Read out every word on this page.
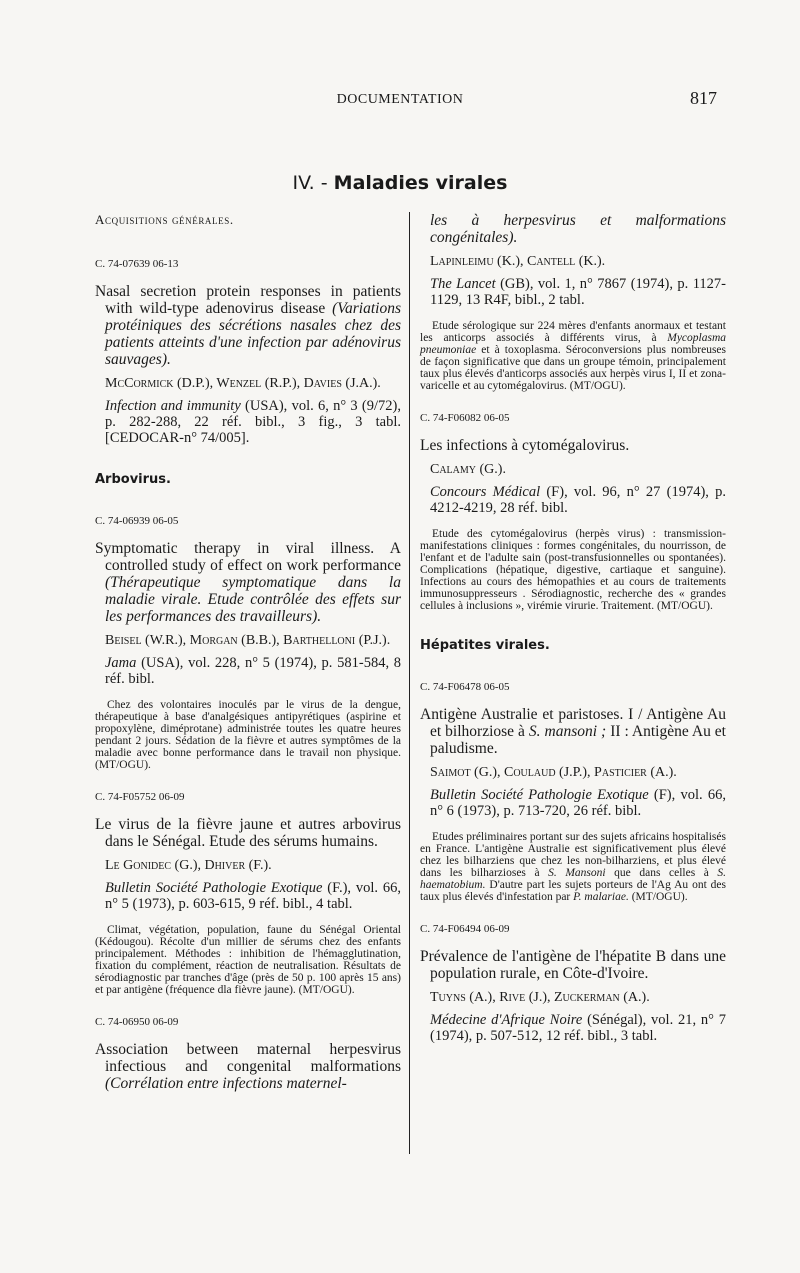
DOCUMENTATION	817
IV. - Maladies virales

Acquisitions générales.

C. 74-07639 06-13

Nasal secretion protein responses in patients with wild-type adenovirus disease (Variations protéiniques des sécrétions nasales chez des patients atteints d'une infection par adénovirus sauvages).

McCormick (D.P.), Wenzel (R.P.), Davies (J.A.).

Infection and immunity (USA), vol. 6, n° 3 (9/72), p. 282-288, 22 réf. bibl., 3 fig., 3 tabl. [CEDOCAR-n° 74/005].

Arbovirus.

C. 74-06939 06-05

Symptomatic therapy in viral illness. A controlled study of effect on work performance (Thérapeutique symptomatique dans la maladie virale. Etude contrôlée des effets sur les performances des travailleurs).

Beisel (W.R.), Morgan (B.B.), Barthelloni (P.J.).

Jama (USA), vol. 228, n° 5 (1974), p. 581-584, 8 réf. bibl.

Chez des volontaires inoculés par le virus de la dengue, thérapeutique à base d'analgésiques antipyrétiques (aspirine et propoxylène, diméprotane) administrée toutes les quatre heures pendant 2 jours. Sédation de la fièvre et autres symptômes de la maladie avec bonne performance dans le travail non physique. (MT/OGU).

C. 74-F05752 06-09

Le virus de la fièvre jaune et autres arbovirus dans le Sénégal. Etude des sérums humains.

Le Gonidec (G.), Dhiver (F.).

Bulletin Société Pathologie Exotique (F.), vol. 66, n° 5 (1973), p. 603-615, 9 réf. bibl., 4 tabl.

Climat, végétation, population, faune du Sénégal Oriental (Kédougou). Récolte d'un millier de sérums chez des enfants principalement. Méthodes : inhibition de l'hémagglutination, fixation du complément, réaction de neutralisation. Résultats de sérodiagnostic par tranches d'âge (près de 50 p. 100 après 15 ans) et par antigène (fréquence dla fièvre jaune). (MT/OGU).

C. 74-06950 06-09

Association between maternal herpesvirus infectious and congenital malformations (Corrélation entre infections maternel-

les à herpesvirus et malformations congénitales).

Lapinleimu (K.), Cantell (K.).

The Lancet (GB), vol. 1, n° 7867 (1974), p. 1127-1129, 13 R4F, bibl., 2 tabl.

Etude sérologique sur 224 mères d'enfants anormaux et testant les anticorps associés à différents virus, à Mycoplasma pneumoniae et à toxoplasma. Séroconversions plus nombreuses de façon significative que dans un groupe témoin, principalement taux plus élevés d'anticorps associés aux herpès virus I, II et zona-varicelle et au cytomégalovirus. (MT/OGU).

C. 74-F06082 06-05

Les infections à cytomégalovirus.

Calamy (G.).

Concours Médical (F), vol. 96, n° 27 (1974), p. 4212-4219, 28 réf. bibl.

Etude des cytomégalovirus (herpès virus) : transmission-manifestations cliniques : formes congénitales, du nourrisson, de l'enfant et de l'adulte sain (post-transfusionnelles ou spontanées). Complications (hépatique, digestive, cartiaque et sanguine). Infections au cours des hémopathies et au cours de traitements immunosuppresseurs . Sérodiagnostic, recherche des « grandes cellules à inclusions », virémie virurie. Traitement. (MT/OGU).

Hépatites virales.

C. 74-F06478 06-05

Antigène Australie et paristoses. I / Antigène Au et bilhorziose à S. mansoni ; II : Antigène Au et paludisme.

Saimot (G.), Coulaud (J.P.), Pasticier (A.).

Bulletin Société Pathologie Exotique (F), vol. 66, n° 6 (1973), p. 713-720, 26 réf. bibl.

Etudes préliminaires portant sur des sujets africains hospitalisés en France. L'antigène Australie est significativement plus élevé chez les bilharziens que chez les non-bilharziens, et plus élevé dans les bilharzioses à S. Mansoni que dans celles à S. haematobium. D'autre part les sujets porteurs de l'Ag Au ont des taux plus élevés d'infestation par P. malariae. (MT/OGU).

C. 74-F06494 06-09

Prévalence de l'antigène de l'hépatite B dans une population rurale, en Côte-d'Ivoire.

Tuyns (A.), Rive (J.), Zuckerman (A.).

Médecine d'Afrique Noire (Sénégal), vol. 21, n° 7 (1974), p. 507-512, 12 réf. bibl., 3 tabl.
